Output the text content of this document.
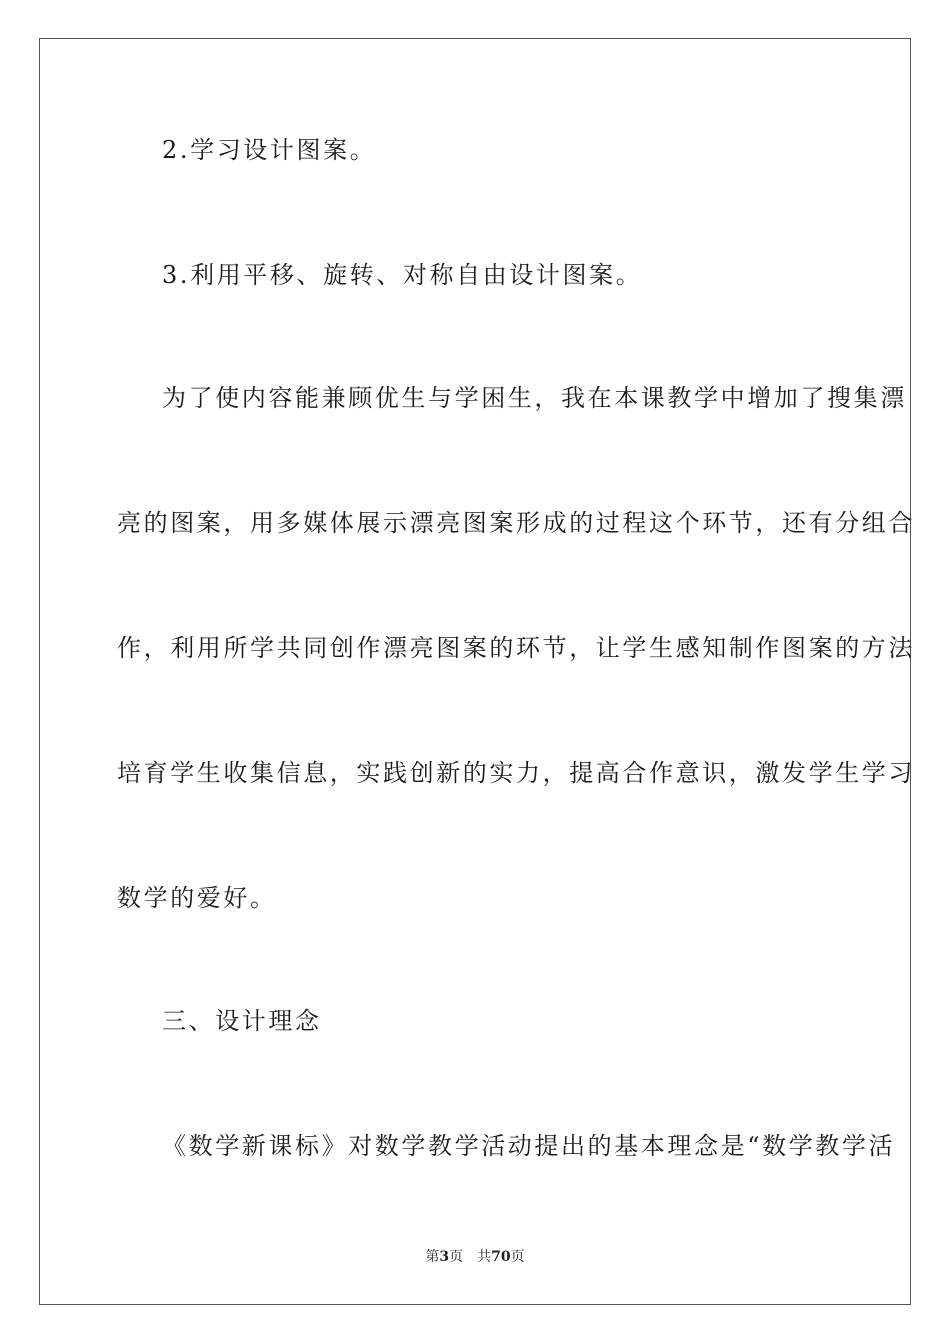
2.学习设计图案。
3.利用平移、旋转、对称自由设计图案。
为了使内容能兼顾优生与学困生，我在本课教学中增加了搜集漂
亮的图案，用多媒体展示漂亮图案形成的过程这个环节，还有分组合
作，利用所学共同创作漂亮图案的环节，让学生感知制作图案的方法
培育学生收集信息，实践创新的实力，提高合作意识，激发学生学习
数学的爱好。
三、设计理念
《数学新课标》对数学教学活动提出的基本理念是“数学教学活
第3页 共70页
